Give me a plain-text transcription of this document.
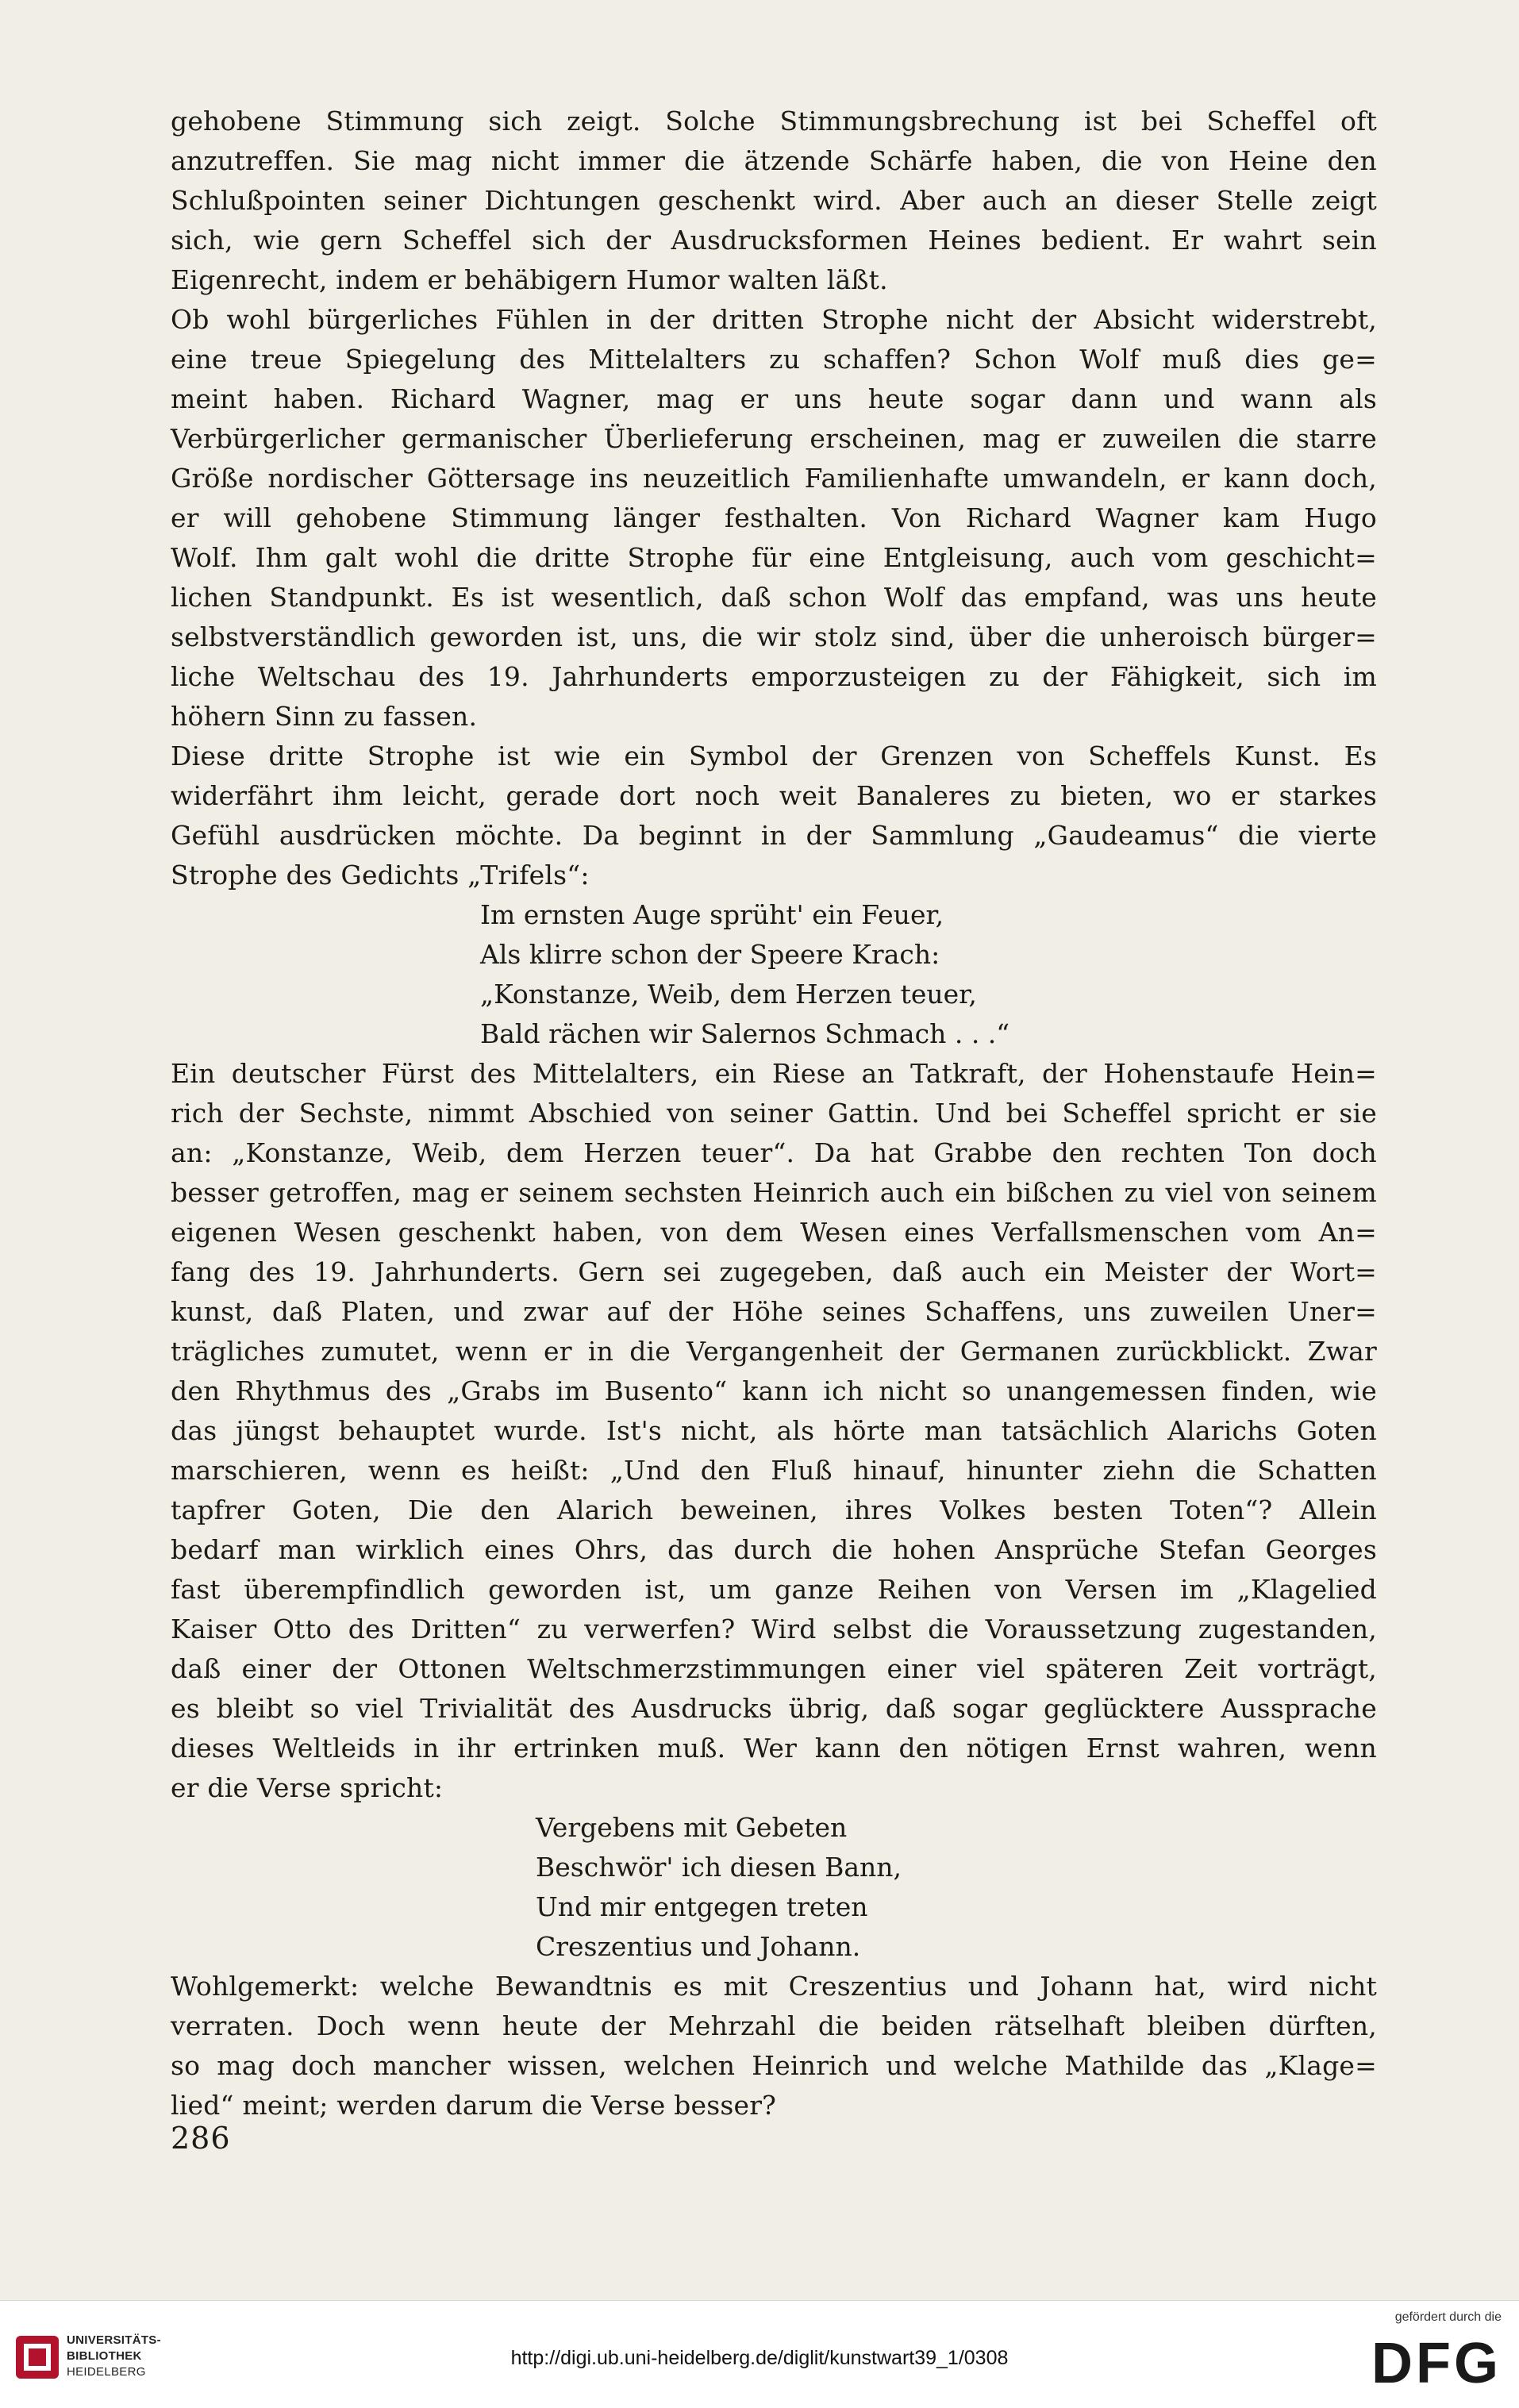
gehobene Stimmung sich zeigt. Solche Stimmungsbrechung ist bei Scheffel oft
anzutreffen. Sie mag nicht immer die ätzende Schärfe haben, die von Heine den
Schlußpointen seiner Dichtungen geschenkt wird. Aber auch an dieser Stelle zeigt
sich, wie gern Scheffel sich der Ausdrucksformen Heines bedient. Er wahrt sein
Eigenrecht, indem er behäbigern Humor walten läßt.
Ob wohl bürgerliches Fühlen in der dritten Strophe nicht der Absicht widerstrebt,
eine treue Spiegelung des Mittelalters zu schaffen? Schon Wolf muß dies ge=
meint haben. Richard Wagner, mag er uns heute sogar dann und wann als
Verbürgerlicher germanischer Überlieferung erscheinen, mag er zuweilen die starre
Größe nordischer Göttersage ins neuzeitlich Familienhafte umwandeln, er kann doch,
er will gehobene Stimmung länger festhalten. Von Richard Wagner kam Hugo
Wolf. Ihm galt wohl die dritte Strophe für eine Entgleisung, auch vom geschicht=
lichen Standpunkt. Es ist wesentlich, daß schon Wolf das empfand, was uns heute
selbstverständlich geworden ist, uns, die wir stolz sind, über die unheroisch bürger=
liche Weltschau des 19. Jahrhunderts emporzusteigen zu der Fähigkeit, sich im
höhern Sinn zu fassen.
Diese dritte Strophe ist wie ein Symbol der Grenzen von Scheffels Kunst. Es
widerfährt ihm leicht, gerade dort noch weit Banaleres zu bieten, wo er starkes
Gefühl ausdrücken möchte. Da beginnt in der Sammlung „Gaudeamus“ die vierte
Strophe des Gedichts „Trifels“:
Im ernsten Auge sprüht' ein Feuer,
Als klirre schon der Speere Krach:
„Konstanze, Weib, dem Herzen teuer,
Bald rächen wir Salernos Schmach . . .“
Ein deutscher Fürst des Mittelalters, ein Riese an Tatkraft, der Hohenstaufe Hein=
rich der Sechste, nimmt Abschied von seiner Gattin. Und bei Scheffel spricht er sie
an: „Konstanze, Weib, dem Herzen teuer“. Da hat Grabbe den rechten Ton doch
besser getroffen, mag er seinem sechsten Heinrich auch ein bißchen zu viel von seinem
eigenen Wesen geschenkt haben, von dem Wesen eines Verfallsmenschen vom An=
fang des 19. Jahrhunderts. Gern sei zugegeben, daß auch ein Meister der Wort=
kunst, daß Platen, und zwar auf der Höhe seines Schaffens, uns zuweilen Uner=
trägliches zumutet, wenn er in die Vergangenheit der Germanen zurückblickt. Zwar
den Rhythmus des „Grabs im Busento“ kann ich nicht so unangemessen finden, wie
das jüngst behauptet wurde. Ist's nicht, als hörte man tatsächlich Alarichs Goten
marschieren, wenn es heißt: „Und den Fluß hinauf, hinunter ziehn die Schatten
tapfrer Goten, Die den Alarich beweinen, ihres Volkes besten Toten“? Allein
bedarf man wirklich eines Ohrs, das durch die hohen Ansprüche Stefan Georges
fast überempfindlich geworden ist, um ganze Reihen von Versen im „Klagelied
Kaiser Otto des Dritten“ zu verwerfen? Wird selbst die Voraussetzung zugestanden,
daß einer der Ottonen Weltschmerzstimmungen einer viel späteren Zeit vorträgt,
es bleibt so viel Trivialität des Ausdrucks übrig, daß sogar geglücktere Aussprache
dieses Weltleids in ihr ertrinken muß. Wer kann den nötigen Ernst wahren, wenn
er die Verse spricht:
Vergebens mit Gebeten
Beschwör' ich diesen Bann,
Und mir entgegen treten
Creszentius und Johann.
Wohlgemerkt: welche Bewandtnis es mit Creszentius und Johann hat, wird nicht
verraten. Doch wenn heute der Mehrzahl die beiden rätselhaft bleiben dürften,
so mag doch mancher wissen, welchen Heinrich und welche Mathilde das „Klage=
lied“ meint; werden darum die Verse besser?
286
UNIVERSITÄTS-
BIBLIOTHEK
HEIDELBERG
http://digi.ub.uni-heidelberg.de/diglit/kunstwart39_1/0308
gefördert durch die
DFG
